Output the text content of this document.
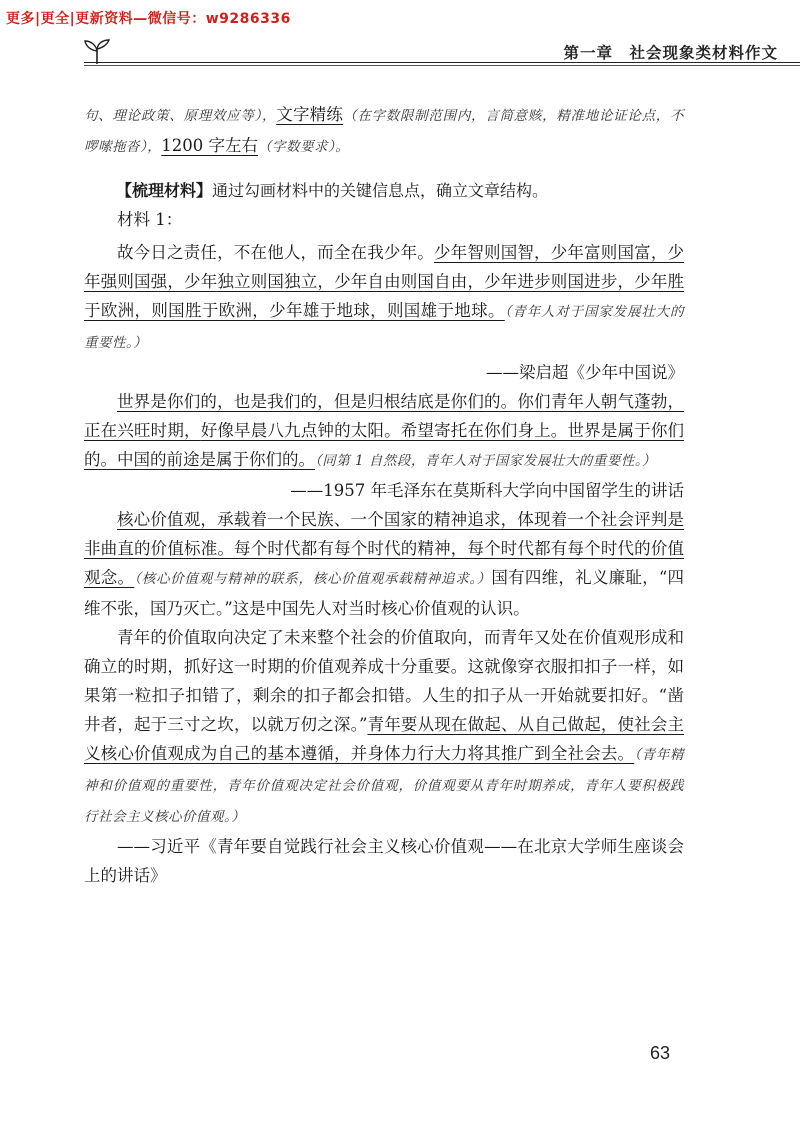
更多|更全|更新资料—微信号：w9286336
第一章　社会现象类材料作文

句、理论政策、原理效应等），文字精练（在字数限制范围内，言简意赅，精准地论证论点，不啰嗦拖沓），1200 字左右（字数要求）。

【梳理材料】通过勾画材料中的关键信息点，确立文章结构。

材料 1：

故今日之责任，不在他人，而全在我少年。少年智则国智，少年富则国富，少年强则国强，少年独立则国独立，少年自由则国自由，少年进步则国进步，少年胜于欧洲，则国胜于欧洲，少年雄于地球，则国雄于地球。（青年人对于国家发展壮大的重要性。）

——梁启超《少年中国说》

世界是你们的，也是我们的，但是归根结底是你们的。你们青年人朝气蓬勃，正在兴旺时期，好像早晨八九点钟的太阳。希望寄托在你们身上。世界是属于你们的。中国的前途是属于你们的。（同第 1 自然段，青年人对于国家发展壮大的重要性。）

——1957 年毛泽东在莫斯科大学向中国留学生的讲话

核心价值观，承载着一个民族、一个国家的精神追求，体现着一个社会评判是非曲直的价值标准。每个时代都有每个时代的精神，每个时代都有每个时代的价值观念。（核心价值观与精神的联系，核心价值观承载精神追求。）国有四维，礼义廉耻，“四维不张，国乃灭亡。”这是中国先人对当时核心价值观的认识。

青年的价值取向决定了未来整个社会的价值取向，而青年又处在价值观形成和确立的时期，抓好这一时期的价值观养成十分重要。这就像穿衣服扣扣子一样，如果第一粒扣子扣错了，剩余的扣子都会扣错。人生的扣子从一开始就要扣好。“凿井者，起于三寸之坎，以就万仞之深。”青年要从现在做起、从自己做起，使社会主义核心价值观成为自己的基本遵循，并身体力行大力将其推广到全社会去。（青年精神和价值观的重要性，青年价值观决定社会价值观，价值观要从青年时期养成，青年人要积极践行社会主义核心价值观。）

——习近平《青年要自觉践行社会主义核心价值观——在北京大学师生座谈会上的讲话》

63
